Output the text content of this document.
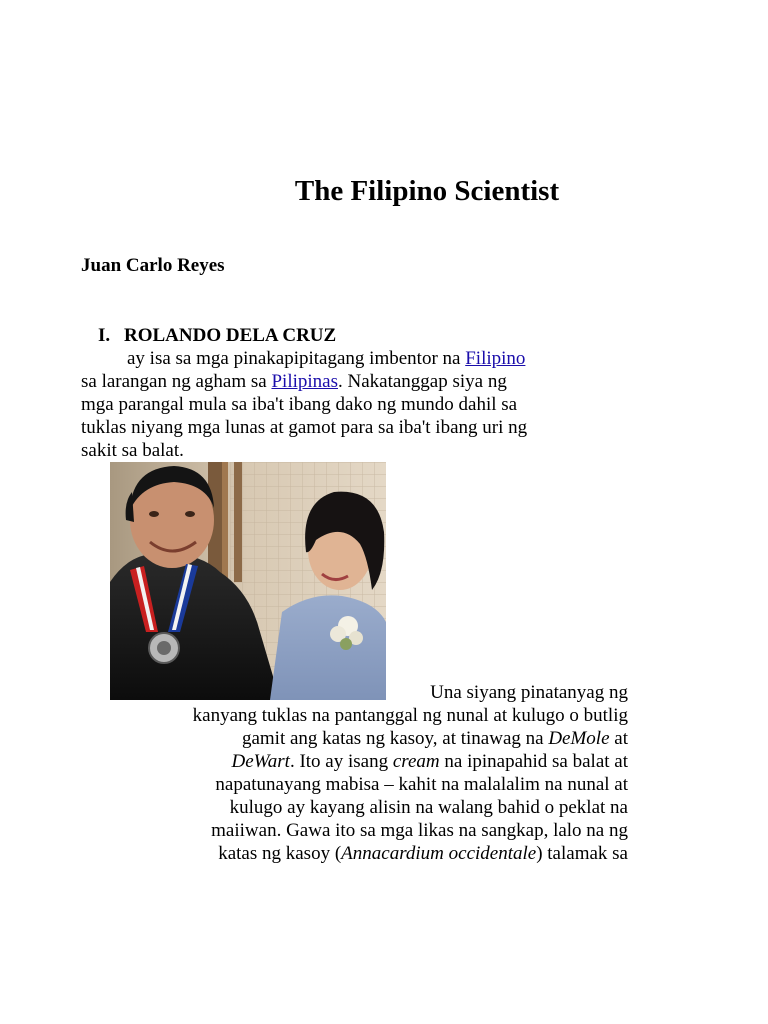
The Filipino Scientist
Juan Carlo Reyes
I. ROLANDO DELA CRUZ
ay isa sa mga pinakapipitagang imbentor na Filipino
sa larangan ng agham sa Pilipinas. Nakatanggap siya ng
mga parangal mula sa iba't ibang dako ng mundo dahil sa
tuklas niyang mga lunas at gamot para sa iba't ibang uri ng
sakit sa balat.
Una siyang pinatanyag ng
kanyang tuklas na pantanggal ng nunal at kulugo o butlig
gamit ang katas ng kasoy, at tinawag na DeMole at
DeWart. Ito ay isang cream na ipinapahid sa balat at
napatunayang mabisa – kahit na malalalim na nunal at
kulugo ay kayang alisin na walang bahid o peklat na
maiiwan. Gawa ito sa mga likas na sangkap, lalo na ng
katas ng kasoy (Annacardium occidentale) talamak sa
